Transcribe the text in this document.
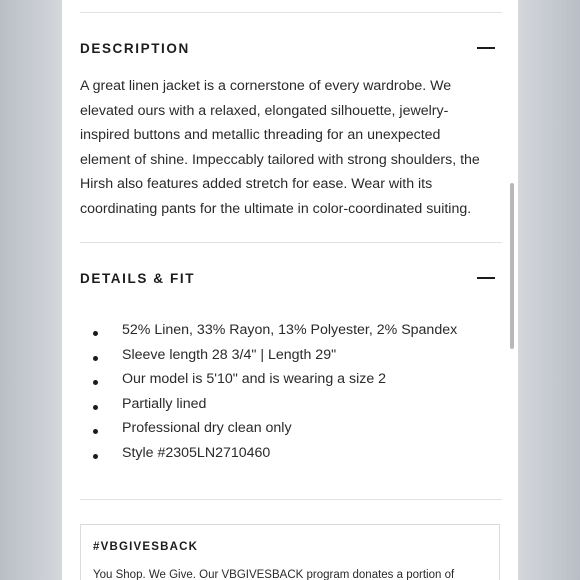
DESCRIPTION
A great linen jacket is a cornerstone of every wardrobe. We
elevated ours with a relaxed, elongated silhouette, jewelry-
inspired buttons and metallic threading for an unexpected
element of shine. Impeccably tailored with strong shoulders, the
Hirsh also features added stretch for ease. Wear with its
coordinating pants for the ultimate in color-coordinated suiting.
DETAILS & FIT
52% Linen, 33% Rayon, 13% Polyester, 2% Spandex
Sleeve length 28 3/4" | Length 29"
Our model is 5'10" and is wearing a size 2
Partially lined
Professional dry clean only
Style #2305LN2710460
#VBGIVESBACK
You Shop. We Give. Our VBGIVESBACK program donates a portion of
